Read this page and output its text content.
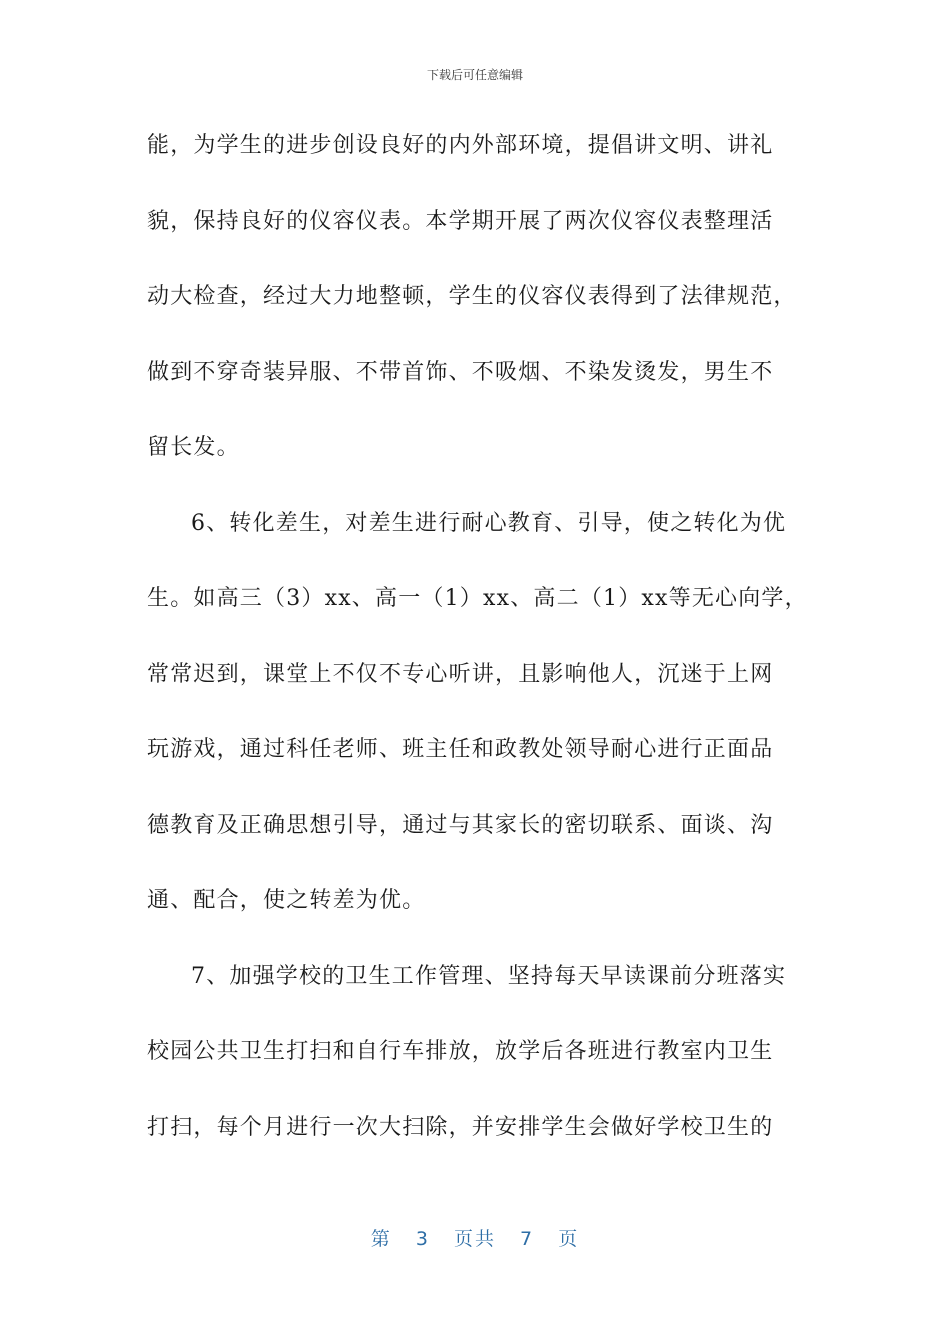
下载后可任意编辑
能，为学生的进步创设良好的内外部环境，提倡讲文明、讲礼
貌，保持良好的仪容仪表。本学期开展了两次仪容仪表整理活
动大检查，经过大力地整顿，学生的仪容仪表得到了法律规范，
做到不穿奇装异服、不带首饰、不吸烟、不染发烫发，男生不
留长发。
6、转化差生，对差生进行耐心教育、引导，使之转化为优
生。如高三（3）xx、高一（1）xx、高二（1）xx等无心向学，
常常迟到，课堂上不仅不专心听讲，且影响他人，沉迷于上网
玩游戏，通过科任老师、班主任和政教处领导耐心进行正面品
德教育及正确思想引导，通过与其家长的密切联系、面谈、沟
通、配合，使之转差为优。
7、加强学校的卫生工作管理、坚持每天早读课前分班落实
校园公共卫生打扫和自行车排放，放学后各班进行教室内卫生
打扫，每个月进行一次大扫除，并安排学生会做好学校卫生的
第 3 页共 7 页
